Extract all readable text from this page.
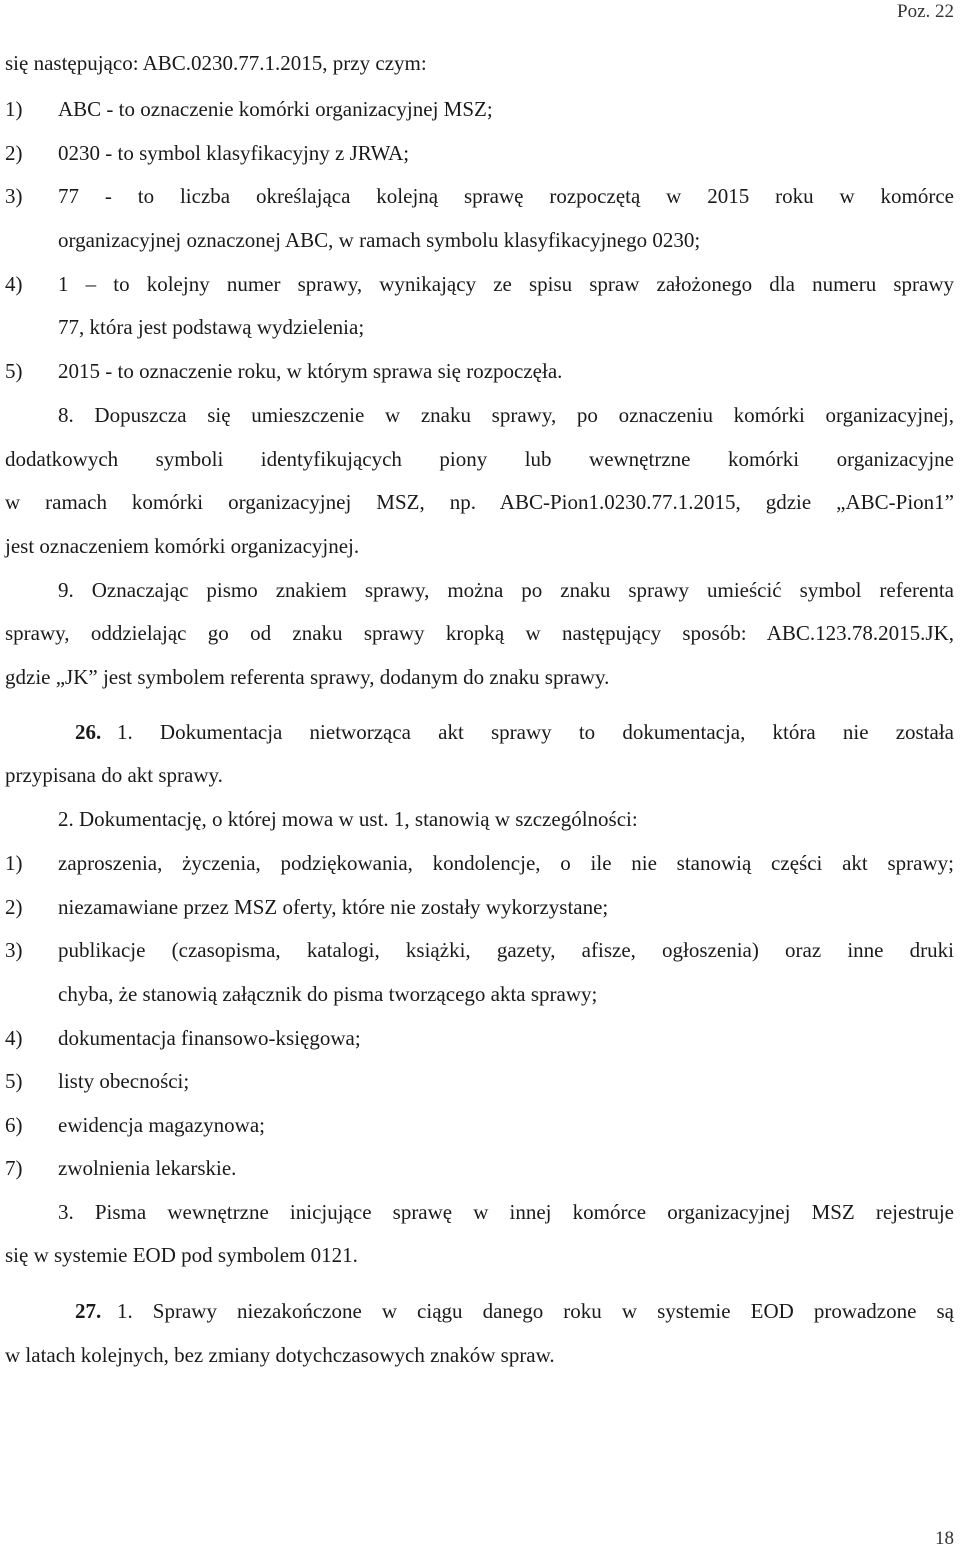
Poz. 22
się następująco: ABC.0230.77.1.2015, przy czym:
1) ABC - to oznaczenie komórki organizacyjnej MSZ;
2) 0230 - to symbol klasyfikacyjny z JRWA;
3) 77 - to liczba określająca kolejną sprawę rozpoczętą w 2015 roku w komórce
organizacyjnej oznaczonej ABC, w ramach symbolu klasyfikacyjnego 0230;
4) 1 – to kolejny numer sprawy, wynikający ze spisu spraw założonego dla numeru sprawy
77, która jest podstawą wydzielenia;
5) 2015 - to oznaczenie roku, w którym sprawa się rozpoczęła.
8. Dopuszcza się umieszczenie w znaku sprawy, po oznaczeniu komórki organizacyjnej,
dodatkowych symboli identyfikujących piony lub wewnętrzne komórki organizacyjne
w ramach komórki organizacyjnej MSZ, np. ABC-Pion1.0230.77.1.2015, gdzie „ABC-Pion1”
jest oznaczeniem komórki organizacyjnej.
9. Oznaczając pismo znakiem sprawy, można po znaku sprawy umieścić symbol referenta
sprawy, oddzielając go od znaku sprawy kropką w następujący sposób: ABC.123.78.2015.JK,
gdzie „JK” jest symbolem referenta sprawy, dodanym do znaku sprawy.
26. 1. Dokumentacja nietworząca akt sprawy to dokumentacja, która nie została
przypisana do akt sprawy.
2. Dokumentację, o której mowa w ust. 1, stanowią w szczególności:
1) zaproszenia, życzenia, podziękowania, kondolencje, o ile nie stanowią części akt sprawy;
2) niezamawiane przez MSZ oferty, które nie zostały wykorzystane;
3) publikacje (czasopisma, katalogi, książki, gazety, afisze, ogłoszenia) oraz inne druki
chyba, że stanowią załącznik do pisma tworzącego akta sprawy;
4) dokumentacja finansowo-księgowa;
5) listy obecności;
6) ewidencja magazynowa;
7) zwolnienia lekarskie.
3. Pisma wewnętrzne inicjujące sprawę w innej komórce organizacyjnej MSZ rejestruje
się w systemie EOD pod symbolem 0121.
27. 1. Sprawy niezakończone w ciągu danego roku w systemie EOD prowadzone są
w latach kolejnych, bez zmiany dotychczasowych znaków spraw.
18
